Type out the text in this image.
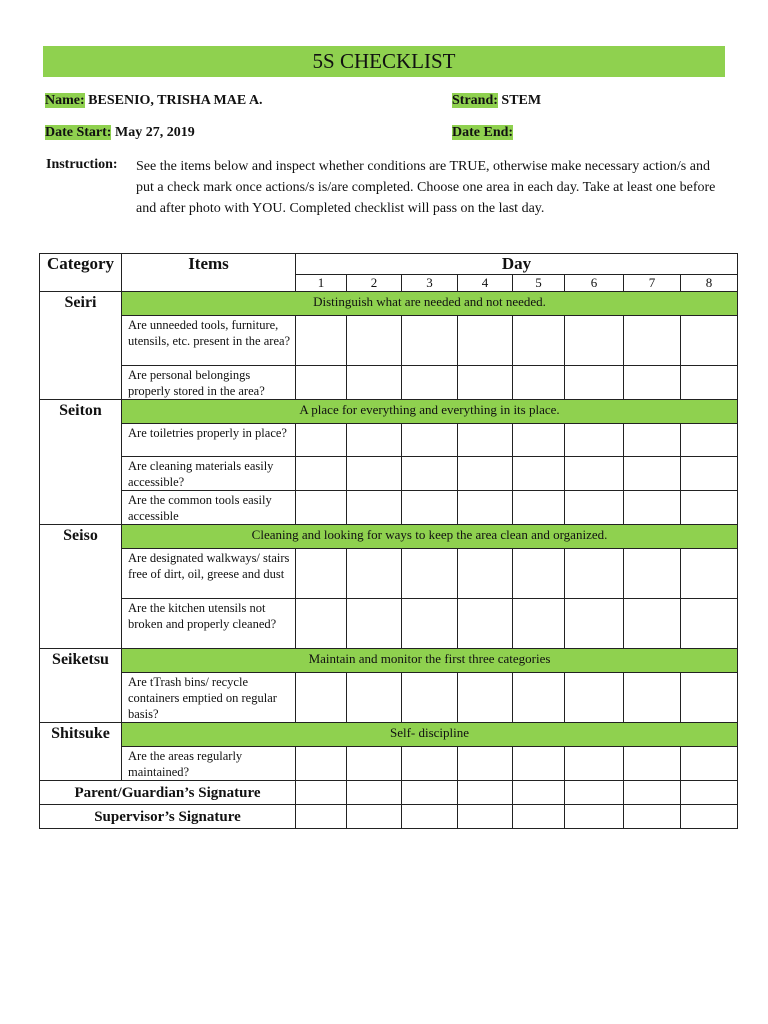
5S CHECKLIST
Name: BESENIO, TRISHA MAE A.	Strand: STEM
Date Start: May 27, 2019	Date End:
Instruction: See the items below and inspect whether conditions are TRUE, otherwise make necessary action/s and put a check mark once actions/s is/are completed. Choose one area in each day. Take at least one before and after photo with YOU. Completed checklist will pass on the last day.
Category	Items	Day							
		1	2	3	4	5	6	7	8
Seiri	Distinguish what are needed and not needed.								
	Are unneeded tools, furniture, utensils, etc. present in the area?								
	Are personal belongings properly stored in the area?								
Seiton	A place for everything and everything in its place.								
	Are toiletries properly in place?								
	Are cleaning materials easily accessible?								
	Are the common tools easily accessible								
Seiso	Cleaning and looking for ways to keep the area clean and organized.								
	Are designated walkways/ stairs free of dirt, oil, greese and dust								
	Are the kitchen utensils not broken and properly cleaned?								
Seiketsu	Maintain and monitor the first three categories								
	Are tTrash bins/ recycle containers emptied on regular basis?								
Shitsuke	Self- discipline								
	Are the areas regularly maintained?								
Parent/Guardian’s Signature									
Supervisor’s Signature									
